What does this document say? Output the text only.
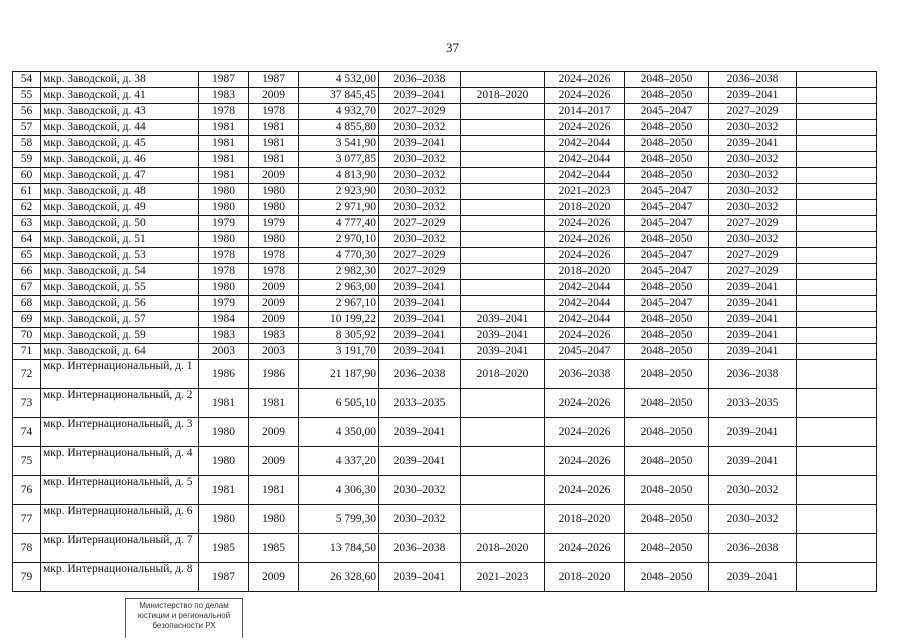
37
54	мкр. Заводской, д. 38	1987	1987	4 532,00	2036–2038		2024–2026	2048–2050	2036–2038	
55	мкр. Заводской, д. 41	1983	2009	37 845,45	2039–2041	2018–2020	2024–2026	2048–2050	2039–2041	
56	мкр. Заводской, д. 43	1978	1978	4 932,70	2027–2029		2014–2017	2045–2047	2027–2029	
57	мкр. Заводской, д. 44	1981	1981	4 855,80	2030–2032		2024–2026	2048–2050	2030–2032	
58	мкр. Заводской, д. 45	1981	1981	3 541,90	2039–2041		2042–2044	2048–2050	2039–2041	
59	мкр. Заводской, д. 46	1981	1981	3 077,85	2030–2032		2042–2044	2048–2050	2030–2032	
60	мкр. Заводской, д. 47	1981	2009	4 813,90	2030–2032		2042–2044	2048–2050	2030–2032	
61	мкр. Заводской, д. 48	1980	1980	2 923,90	2030–2032		2021–2023	2045–2047	2030–2032	
62	мкр. Заводской, д. 49	1980	1980	2 971,90	2030–2032		2018–2020	2045–2047	2030–2032	
63	мкр. Заводской, д. 50	1979	1979	4 777,40	2027–2029		2024–2026	2045–2047	2027–2029	
64	мкр. Заводской, д. 51	1980	1980	2 970,10	2030–2032		2024–2026	2048–2050	2030–2032	
65	мкр. Заводской, д. 53	1978	1978	4 770,30	2027–2029		2024–2026	2045–2047	2027–2029	
66	мкр. Заводской, д. 54	1978	1978	2 982,30	2027–2029		2018–2020	2045–2047	2027–2029	
67	мкр. Заводской, д. 55	1980	2009	2 963,00	2039–2041		2042–2044	2048–2050	2039–2041	
68	мкр. Заводской, д. 56	1979	2009	2 967,10	2039–2041		2042–2044	2045–2047	2039–2041	
69	мкр. Заводской, д. 57	1984	2009	10 199,22	2039–2041	2039–2041	2042–2044	2048–2050	2039–2041	
70	мкр. Заводской, д. 59	1983	1983	8 305,92	2039–2041	2039–2041	2024–2026	2048–2050	2039–2041	
71	мкр. Заводской, д. 64	2003	2003	3 191,70	2039–2041	2039–2041	2045–2047	2048–2050	2039–2041	
72	мкр. Интернациональный, д. 1	1986	1986	21 187,90	2036–2038	2018–2020	2036–2038	2048–2050	2036–2038	
73	мкр. Интернациональный, д. 2	1981	1981	6 505,10	2033–2035		2024–2026	2048–2050	2033–2035	
74	мкр. Интернациональный, д. 3	1980	2009	4 350,00	2039–2041		2024–2026	2048–2050	2039–2041	
75	мкр. Интернациональный, д. 4	1980	2009	4 337,20	2039–2041		2024–2026	2048–2050	2039–2041	
76	мкр. Интернациональный, д. 5	1981	1981	4 306,30	2030–2032		2024–2026	2048–2050	2030–2032	
77	мкр. Интернациональный, д. 6	1980	1980	5 799,30	2030–2032		2018–2020	2048–2050	2030–2032	
78	мкр. Интернациональный, д. 7	1985	1985	13 784,50	2036–2038	2018–2020	2024–2026	2048–2050	2036–2038	
79	мкр. Интернациональный, д. 8	1987	2009	26 328,60	2039–2041	2021–2023	2018–2020	2048–2050	2039–2041	
Министерство по делам
юстиции и региональной
безопасности РХ
